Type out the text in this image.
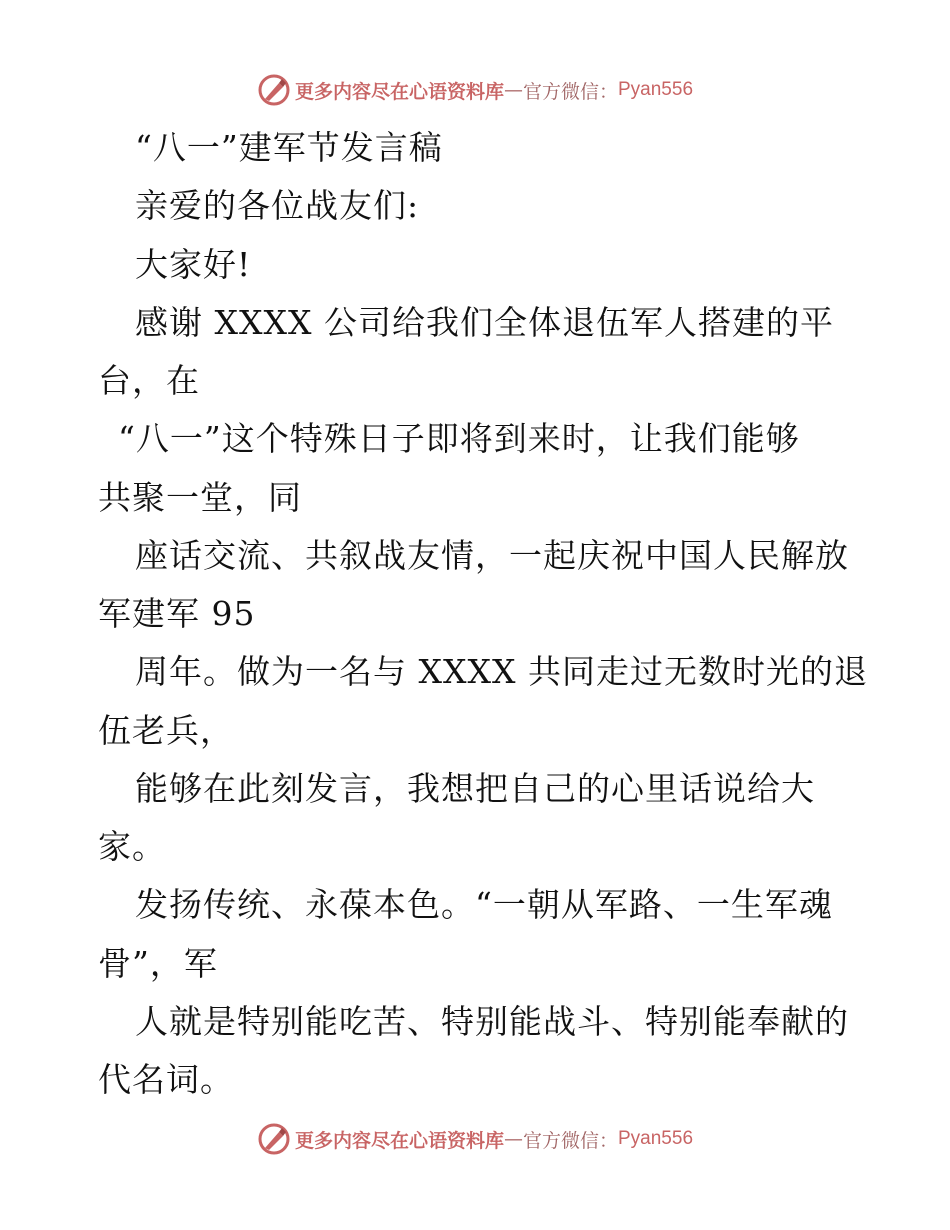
更多内容尽在心语资料库 — 官方微信： Pyan556
“八一”建军节发言稿
亲爱的各位战友们:
大家好!
感谢 XXXX 公司给我们全体退伍军人搭建的平
台，在
“八一”这个特殊日子即将到来时，让我们能够
共聚一堂，同
座话交流、共叙战友情，一起庆祝中国人民解放
军建军 95
周年。做为一名与 XXXX 共同走过无数时光的退
伍老兵，
能够在此刻发言，我想把自己的心里话说给大
家。
发扬传统、永葆本色。“一朝从军路、一生军魂
骨”，军
人就是特别能吃苦、特别能战斗、特别能奉献的
代名词。
更多内容尽在心语资料库 — 官方微信： Pyan556
